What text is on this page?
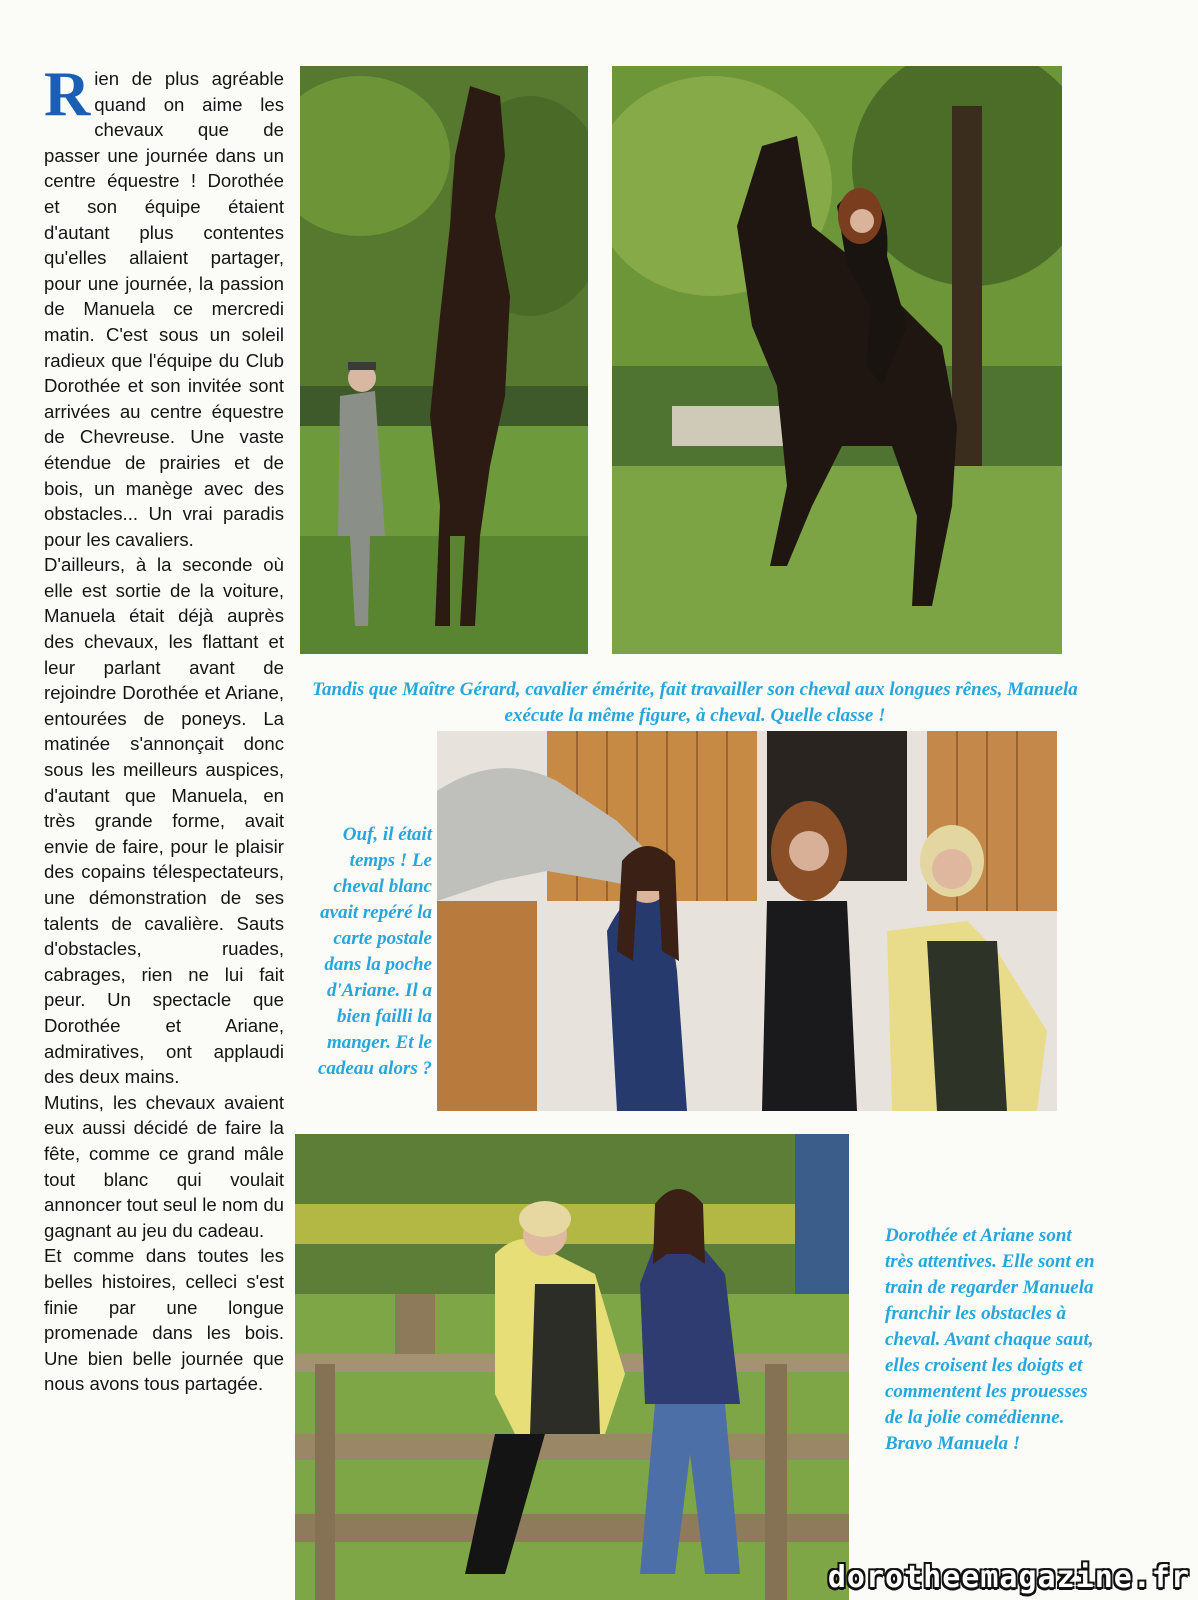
R ien de plus agréable quand on aime les chevaux que de passer une journée dans un centre équestre ! Dorothée et son équipe étaient d'autant plus contentes qu'elles allaient partager, pour une journée, la passion de Manuela ce mercredi matin. C'est sous un soleil radieux que l'équipe du Club Dorothée et son invitée sont arrivées au centre équestre de Chevreuse. Une vaste étendue de prairies et de bois, un manège avec des obstacles... Un vrai paradis pour les cavaliers.

D'ailleurs, à la seconde où elle est sortie de la voiture, Manuela était déjà auprès des chevaux, les flattant et leur parlant avant de rejoindre Dorothée et Ariane, entourées de poneys. La matinée s'annonçait donc sous les meilleurs auspices, d'autant que Manuela, en très grande forme, avait envie de faire, pour le plaisir des copains télespectateurs, une démonstration de ses talents de cavalière. Sauts d'obstacles, ruades, cabrages, rien ne lui fait peur. Un spectacle que Dorothée et Ariane, admiratives, ont applaudi des deux mains.

Mutins, les chevaux avaient eux aussi décidé de faire la fête, comme ce grand mâle tout blanc qui voulait annoncer tout seul le nom du gagnant au jeu du cadeau.

Et comme dans toutes les belles histoires, celleci s'est finie par une longue promenade dans les bois. Une bien belle journée que nous avons tous partagée.

Tandis que Maître Gérard, cavalier émérite, fait travailler son cheval aux longues rênes, Manuela exécute la même figure, à cheval. Quelle classe !
Ouf, il était temps ! Le cheval blanc avait repéré la carte postale dans la poche d'Ariane. Il a bien failli la manger. Et le cadeau alors ?
Dorothée et Ariane sont très attentives. Elle sont en train de regarder Manuela franchir les obstacles à cheval. Avant chaque saut, elles croisent les doigts et commentent les prouesses de la jolie comédienne. Bravo Manuela !
dorotheemagazine.fr
